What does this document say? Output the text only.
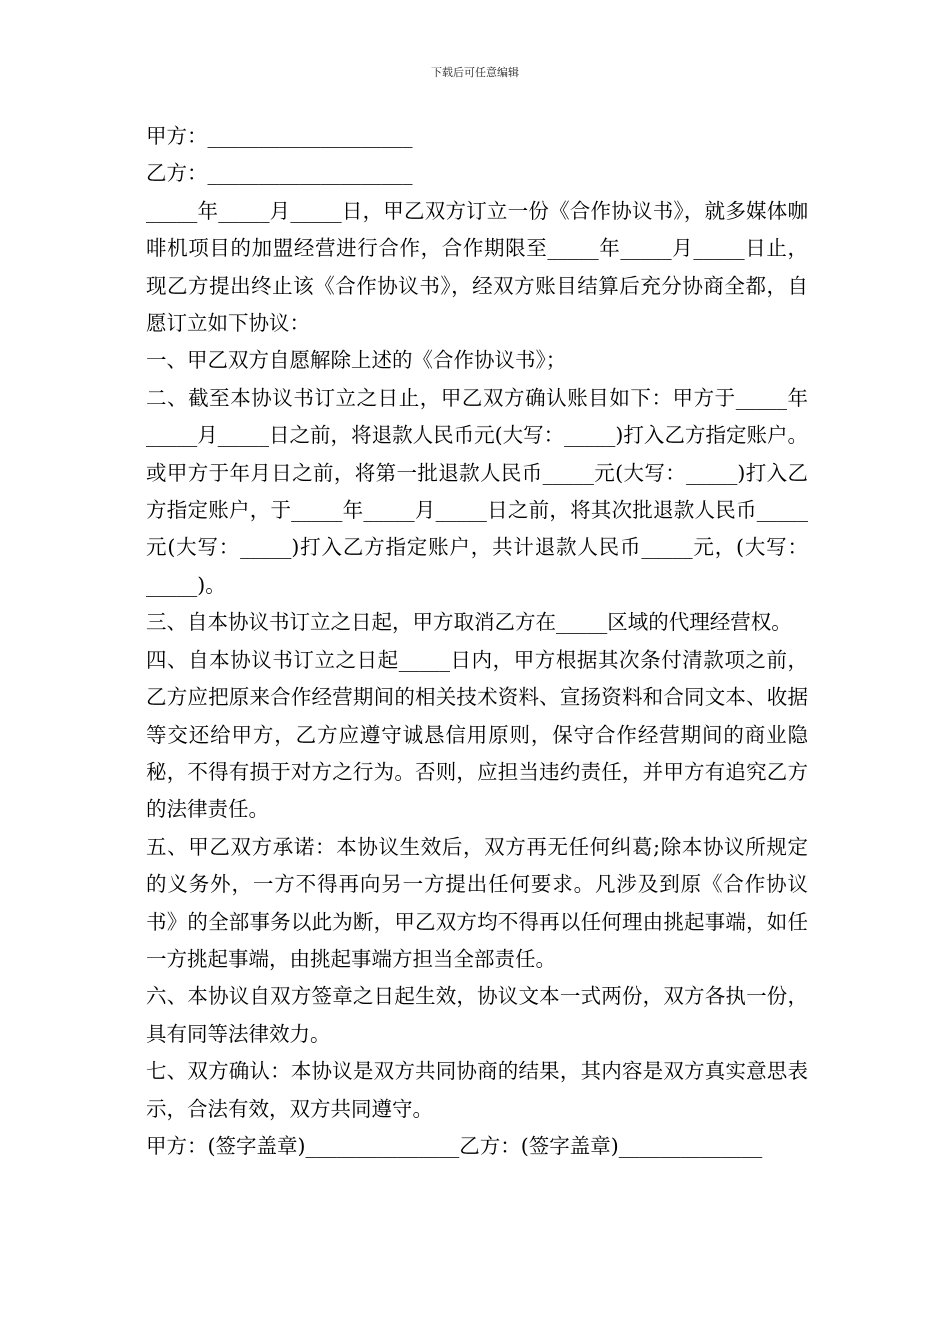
下载后可任意编辑

甲方：____________________

乙方：____________________

_____年_____月_____日，甲乙双方订立一份《合作协议书》，就多媒体咖啡机项目的加盟经营进行合作，合作期限至_____年_____月_____日止，现乙方提出终止该《合作协议书》，经双方账目结算后充分协商全都，自愿订立如下协议：

一、甲乙双方自愿解除上述的《合作协议书》；

二、截至本协议书订立之日止，甲乙双方确认账目如下：甲方于_____年_____月_____日之前，将退款人民币元(大写：_____)打入乙方指定账户。或甲方于年月日之前，将第一批退款人民币_____元(大写：_____)打入乙方指定账户，于_____年_____月_____日之前，将其次批退款人民币_____元(大写：_____)打入乙方指定账户，共计退款人民币_____元，(大写：_____)。

三、自本协议书订立之日起，甲方取消乙方在_____区域的代理经营权。

四、自本协议书订立之日起_____日内，甲方根据其次条付清款项之前，乙方应把原来合作经营期间的相关技术资料、宣扬资料和合同文本、收据等交还给甲方，乙方应遵守诚恳信用原则，保守合作经营期间的商业隐秘，不得有损于对方之行为。否则，应担当违约责任，并甲方有追究乙方的法律责任。

五、甲乙双方承诺：本协议生效后，双方再无任何纠葛;除本协议所规定的义务外，一方不得再向另一方提出任何要求。凡涉及到原《合作协议书》的全部事务以此为断，甲乙双方均不得再以任何理由挑起事端，如任一方挑起事端，由挑起事端方担当全部责任。

六、本协议自双方签章之日起生效，协议文本一式两份，双方各执一份，具有同等法律效力。

七、双方确认：本协议是双方共同协商的结果，其内容是双方真实意思表示，合法有效，双方共同遵守。

甲方：(签字盖章)_______________乙方：(签字盖章)______________
